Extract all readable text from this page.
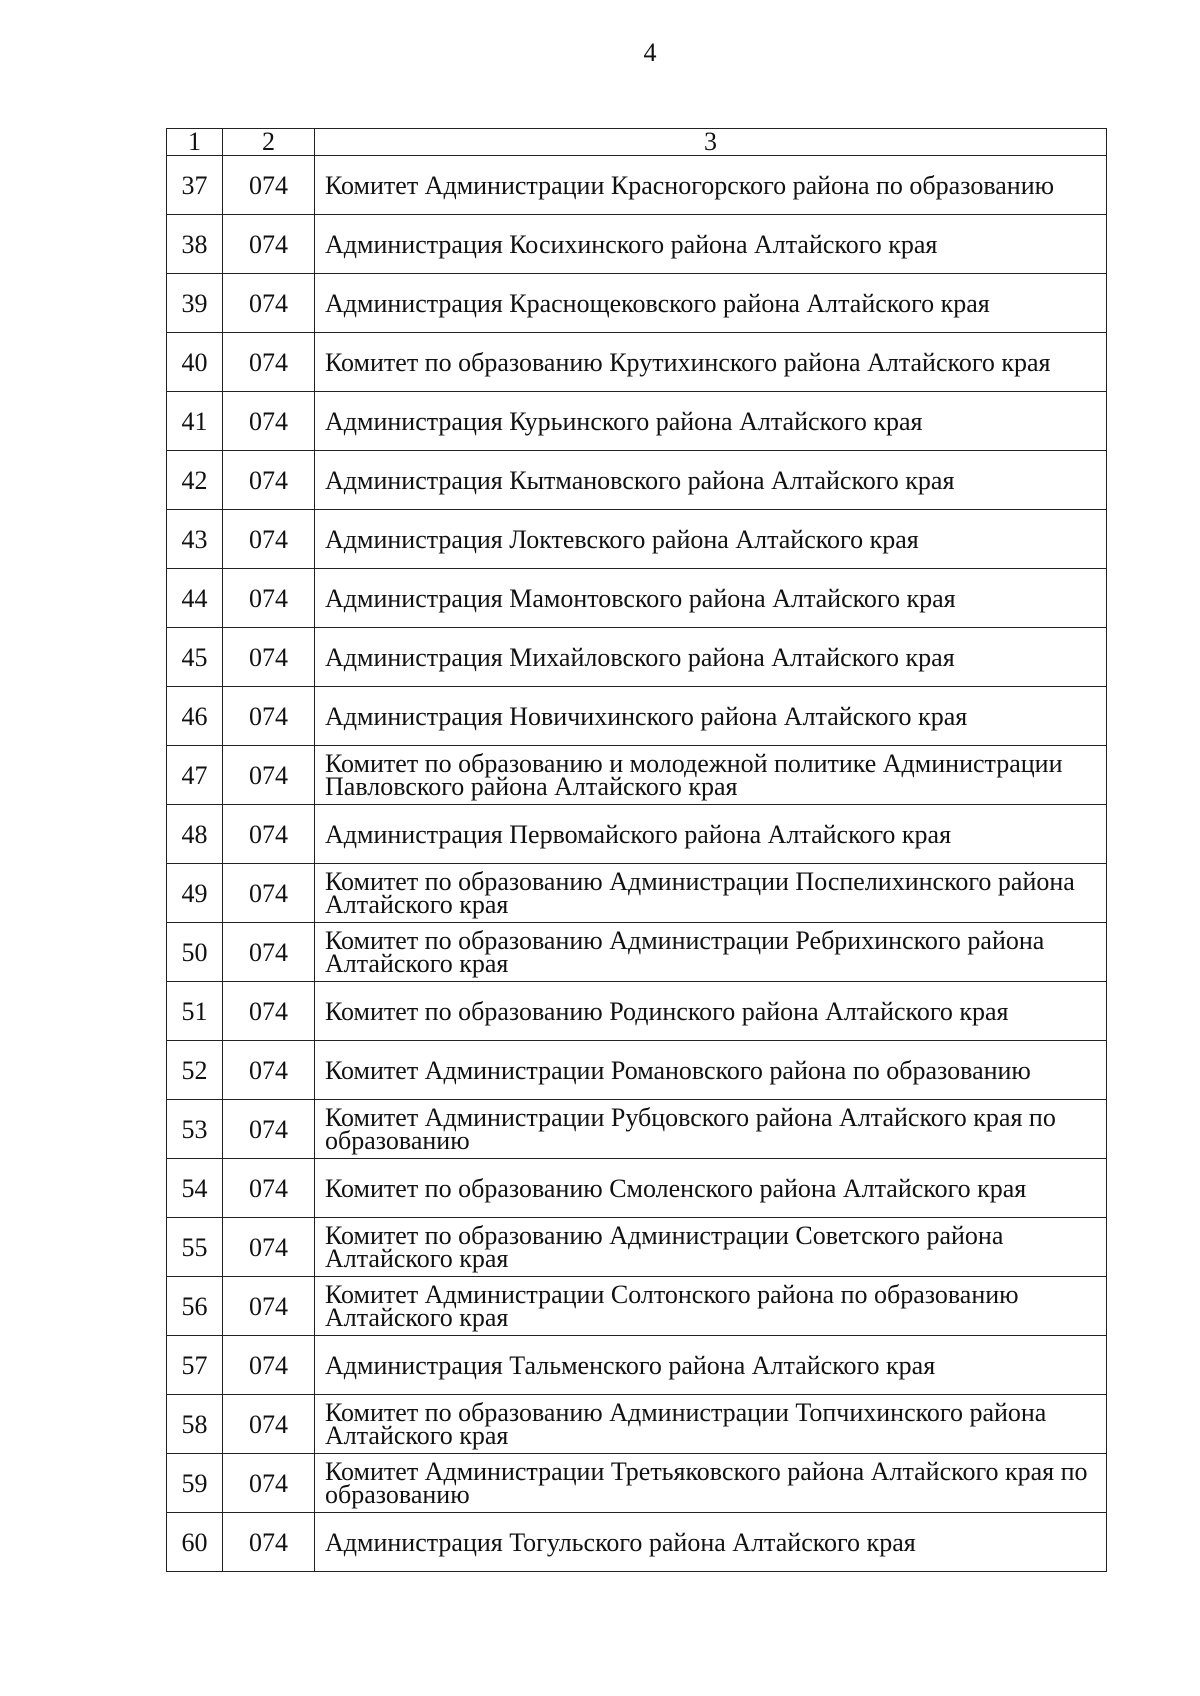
4
1	2	3
37	074	Комитет Администрации Красногорского района по образованию
38	074	Администрация Косихинского района Алтайского края
39	074	Администрация Краснощековского района Алтайского края
40	074	Комитет по образованию Крутихинского района Алтайского края
41	074	Администрация Курьинского района Алтайского края
42	074	Администрация Кытмановского района Алтайского края
43	074	Администрация Локтевского района Алтайского края
44	074	Администрация Мамонтовского района Алтайского края
45	074	Администрация Михайловского района Алтайского края
46	074	Администрация Новичихинского района Алтайского края
47	074	Комитет по образованию и молодежной политике Администрации Павловского района Алтайского края
48	074	Администрация Первомайского района Алтайского края
49	074	Комитет по образованию Администрации Поспелихинского района Алтайского края
50	074	Комитет по образованию Администрации Ребрихинского района Алтайского края
51	074	Комитет по образованию Родинского района Алтайского края
52	074	Комитет Администрации Романовского района по образованию
53	074	Комитет Администрации Рубцовского района Алтайского края по образованию
54	074	Комитет по образованию Смоленского района Алтайского края
55	074	Комитет по образованию Администрации Советского района Алтайского края
56	074	Комитет Администрации Солтонского района по образованию Алтайского края
57	074	Администрация Тальменского района Алтайского края
58	074	Комитет по образованию Администрации Топчихинского района Алтайского края
59	074	Комитет Администрации Третьяковского района Алтайского края по образованию
60	074	Администрация Тогульского района Алтайского края
